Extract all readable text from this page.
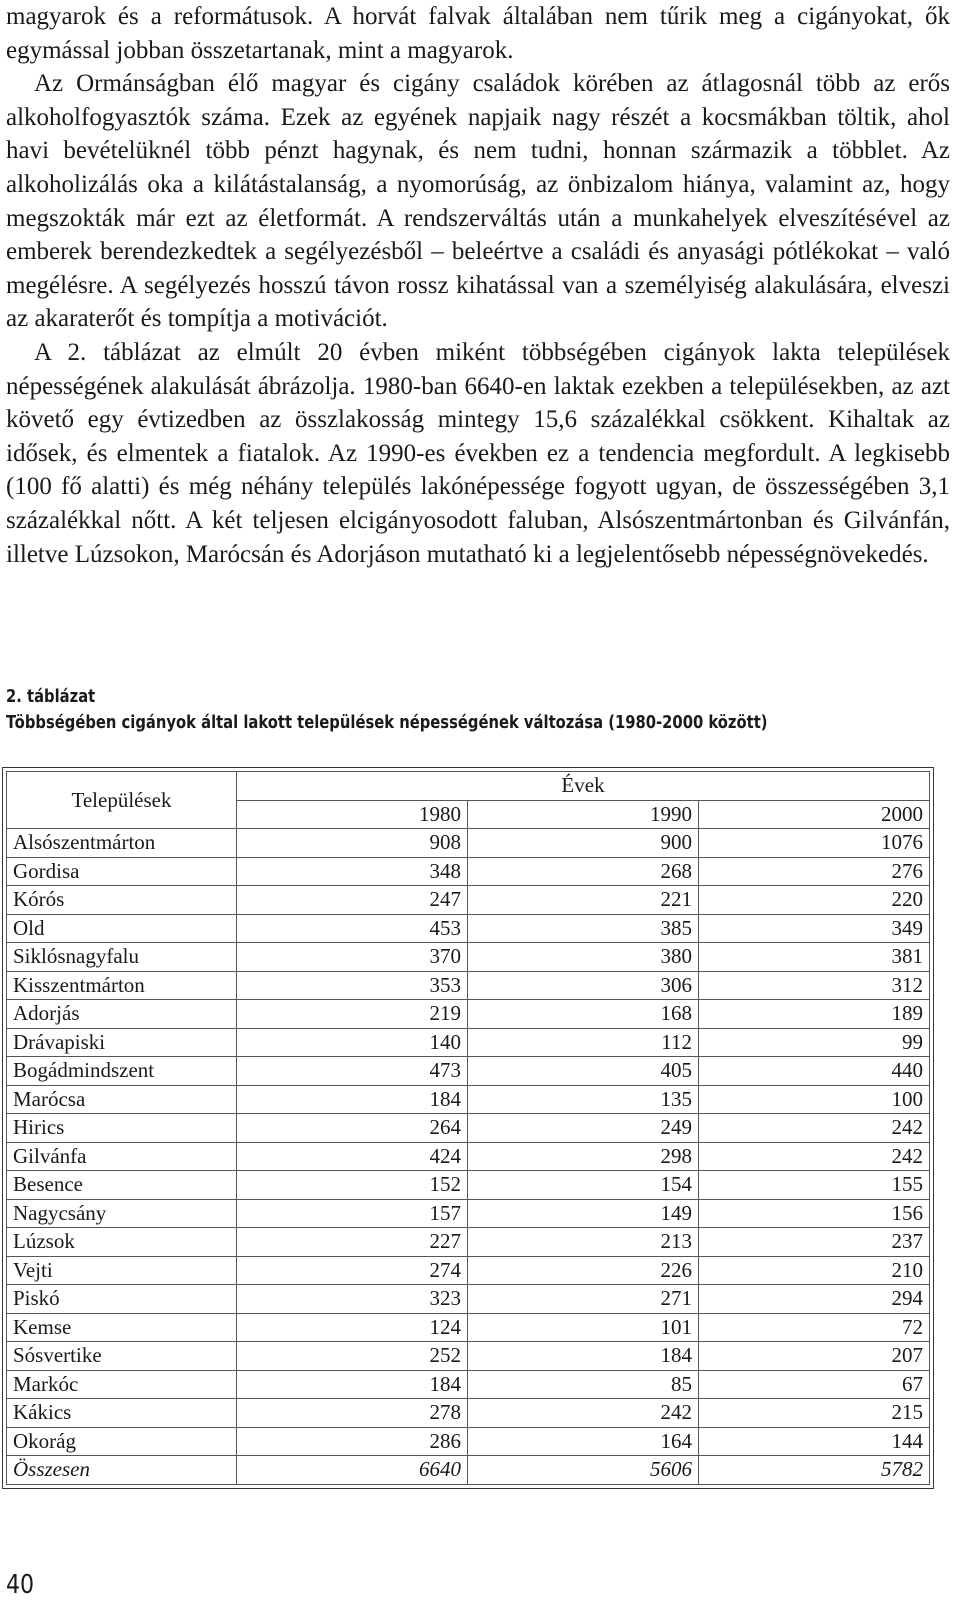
magyarok és a reformátusok. A horvát falvak általában nem tűrik meg a cigányokat, ők egymással jobban összetartanak, mint a magyarok.

Az Ormánságban élő magyar és cigány családok körében az átlagosnál több az erős alkoholfogyasztók száma. Ezek az egyének napjaik nagy részét a kocsmákban töltik, ahol havi bevételüknél több pénzt hagynak, és nem tudni, honnan származik a többlet. Az alkoholizálás oka a kilátástalanság, a nyomorúság, az önbizalom hiánya, valamint az, hogy megszokták már ezt az életformát. A rendszerváltás után a munkahelyek elveszítésével az emberek berendezkedtek a segélyezésből – beleértve a családi és anyasági pótlékokat – való megélésre. A segélyezés hosszú távon rossz kihatással van a személyiség alakulására, elveszi az akaraterőt és tompítja a motivációt.

A 2. táblázat az elmúlt 20 évben miként többségében cigányok lakta települések népességének alakulását ábrázolja. 1980-ban 6640-en laktak ezekben a településekben, az azt követő egy évtizedben az összlakosság mintegy 15,6 százalékkal csökkent. Kihaltak az idősek, és elmentek a fiatalok. Az 1990-es években ez a tendencia megfordult. A legkisebb (100 fő alatti) és még néhány település lakónépessége fogyott ugyan, de összességében 3,1 százalékkal nőtt. A két teljesen elcigányosodott faluban, Alsószentmártonban és Gilvánfán, illetve Lúzsokon, Marócsán és Adorjáson mutatható ki a legjelentősebb népességnövekedés.

2. táblázat
Többségében cigányok által lakott települések népességének változása (1980-2000 között)
Települések	Évek		
	1980	1990	2000
Alsószentmárton	908	900	1076
Gordisa	348	268	276
Kórós	247	221	220
Old	453	385	349
Siklósnagyfalu	370	380	381
Kisszentmárton	353	306	312
Adorjás	219	168	189
Drávapiski	140	112	99
Bogádmindszent	473	405	440
Marócsa	184	135	100
Hirics	264	249	242
Gilvánfa	424	298	242
Besence	152	154	155
Nagycsány	157	149	156
Lúzsok	227	213	237
Vejti	274	226	210
Piskó	323	271	294
Kemse	124	101	72
Sósvertike	252	184	207
Markóc	184	85	67
Kákics	278	242	215
Okorág	286	164	144
Összesen	6640	5606	5782
40
